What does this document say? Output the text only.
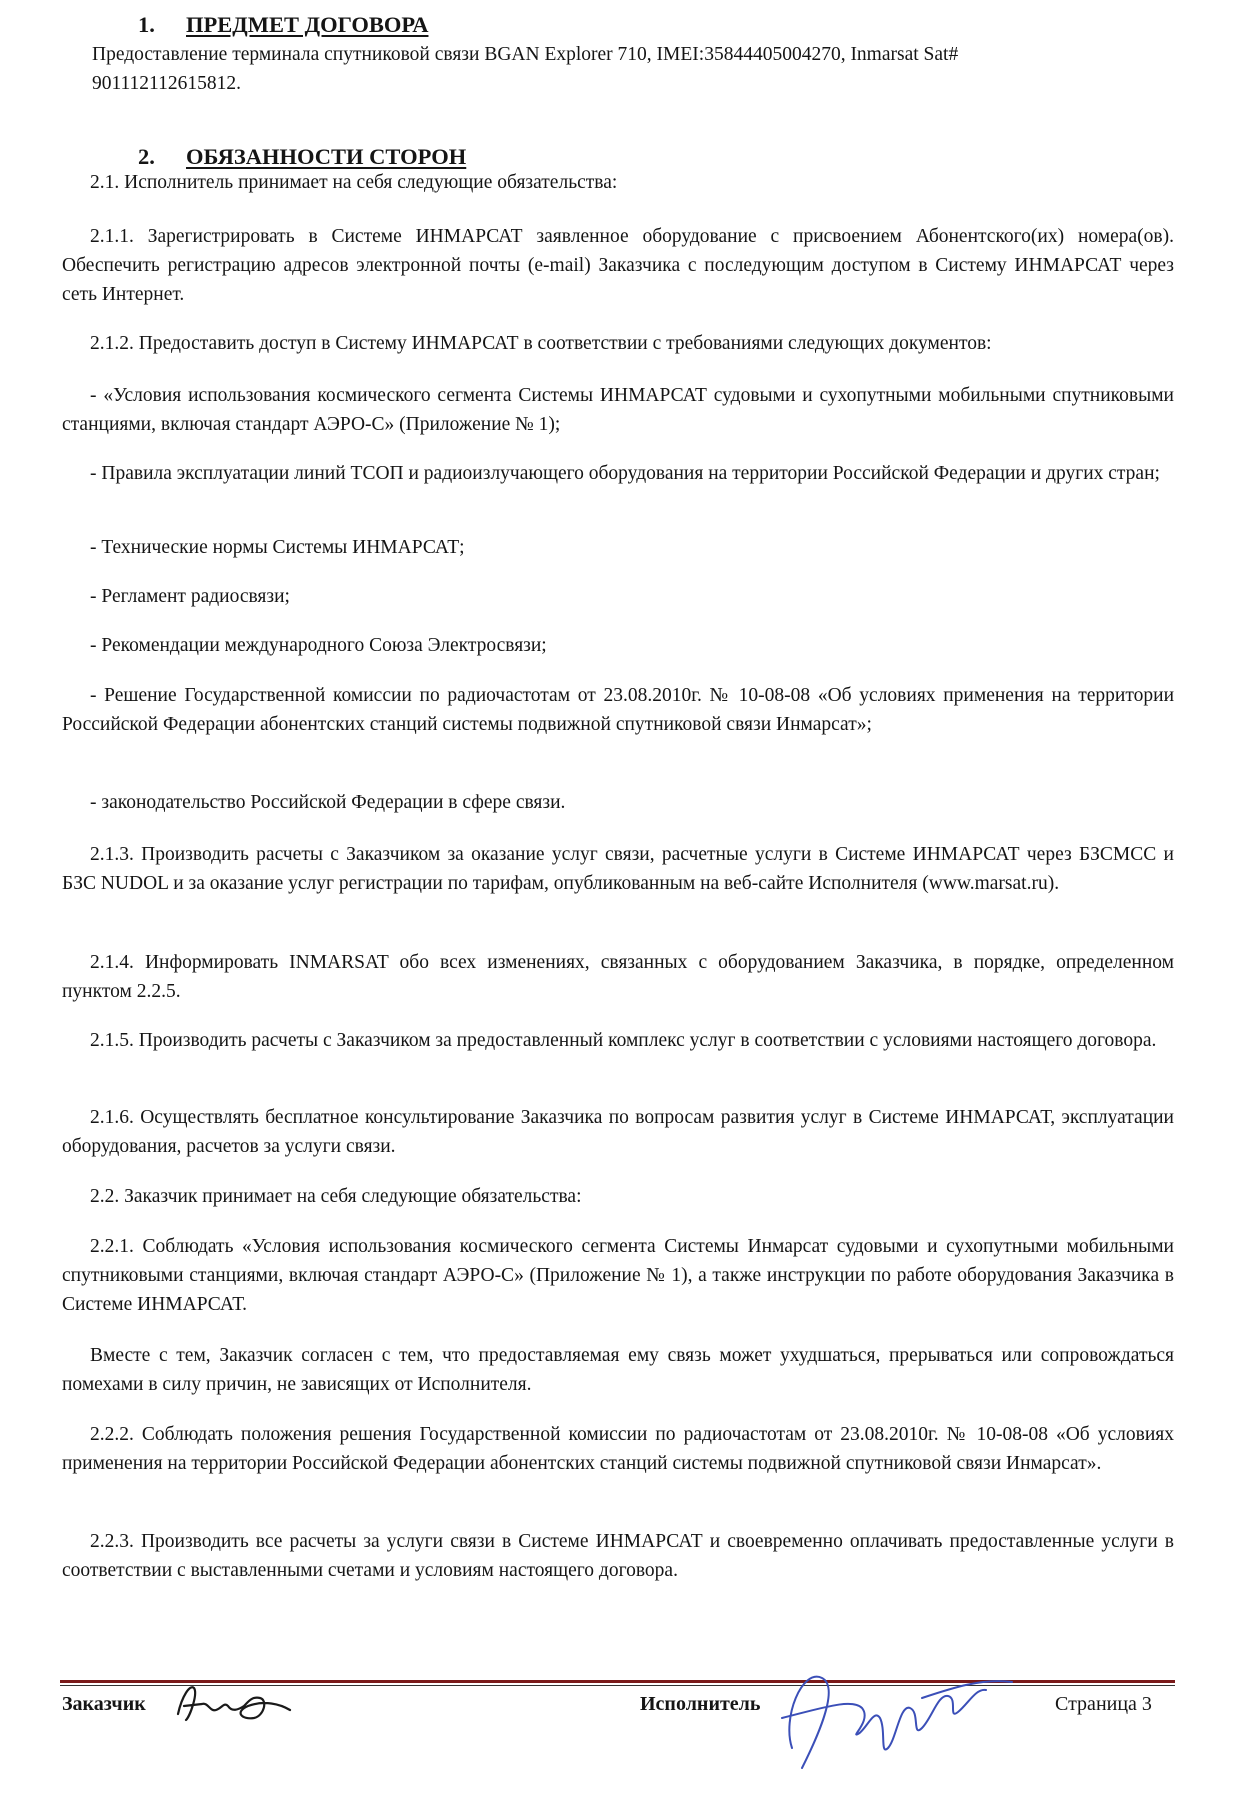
1. ПРЕДМЕТ ДОГОВОРА
Предоставление терминала спутниковой связи BGAN Explorer 710, IMEI:35844405004270, Inmarsat Sat# 901112112615812.
2. ОБЯЗАННОСТИ СТОРОН
2.1. Исполнитель принимает на себя следующие обязательства:
2.1.1. Зарегистрировать в Системе ИНМАРСАТ заявленное оборудование с присвоением Абонентского(их) номера(ов). Обеспечить регистрацию адресов электронной почты (e-mail) Заказчика с последующим доступом в Систему ИНМАРСАТ через сеть Интернет.
2.1.2. Предоставить доступ в Систему ИНМАРСАТ в соответствии с требованиями следующих документов:
- «Условия использования космического сегмента Системы ИНМАРСАТ судовыми и сухопутными мобильными спутниковыми станциями, включая стандарт АЭРО-С» (Приложение № 1);
- Правила эксплуатации линий ТСОП и радиоизлучающего оборудования на территории Российской Федерации и других стран;
- Технические нормы Системы ИНМАРСАТ;
- Регламент радиосвязи;
- Рекомендации международного Союза Электросвязи;
- Решение Государственной комиссии по радиочастотам от 23.08.2010г. № 10-08-08 «Об условиях применения на территории Российской Федерации абонентских станций системы подвижной спутниковой связи Инмарсат»;
- законодательство Российской Федерации в сфере связи.
2.1.3. Производить расчеты с Заказчиком за оказание услуг связи, расчетные услуги в Системе ИНМАРСАТ через БЗСМСС и БЗС NUDOL и за оказание услуг регистрации по тарифам, опубликованным на веб-сайте Исполнителя (www.marsat.ru).
2.1.4. Информировать INMARSAT обо всех изменениях, связанных с оборудованием Заказчика, в порядке, определенном пунктом 2.2.5.
2.1.5. Производить расчеты с Заказчиком за предоставленный комплекс услуг в соответствии с условиями настоящего договора.
2.1.6. Осуществлять бесплатное консультирование Заказчика по вопросам развития услуг в Системе ИНМАРСАТ, эксплуатации оборудования, расчетов за услуги связи.
2.2. Заказчик принимает на себя следующие обязательства:
2.2.1. Соблюдать «Условия использования космического сегмента Системы Инмарсат судовыми и сухопутными мобильными спутниковыми станциями, включая стандарт АЭРО-С» (Приложение № 1), а также инструкции по работе оборудования Заказчика в Системе ИНМАРСАТ.
Вместе с тем, Заказчик согласен с тем, что предоставляемая ему связь может ухудшаться, прерываться или сопровождаться помехами в силу причин, не зависящих от Исполнителя.
2.2.2. Соблюдать положения решения Государственной комиссии по радиочастотам от 23.08.2010г. № 10-08-08 «Об условиях применения на территории Российской Федерации абонентских станций системы подвижной спутниковой связи Инмарсат».
2.2.3. Производить все расчеты за услуги связи в Системе ИНМАРСАТ и своевременно оплачивать предоставленные услуги в соответствии с выставленными счетами и условиям настоящего договора.
Заказчик	Исполнитель	Страница 3
